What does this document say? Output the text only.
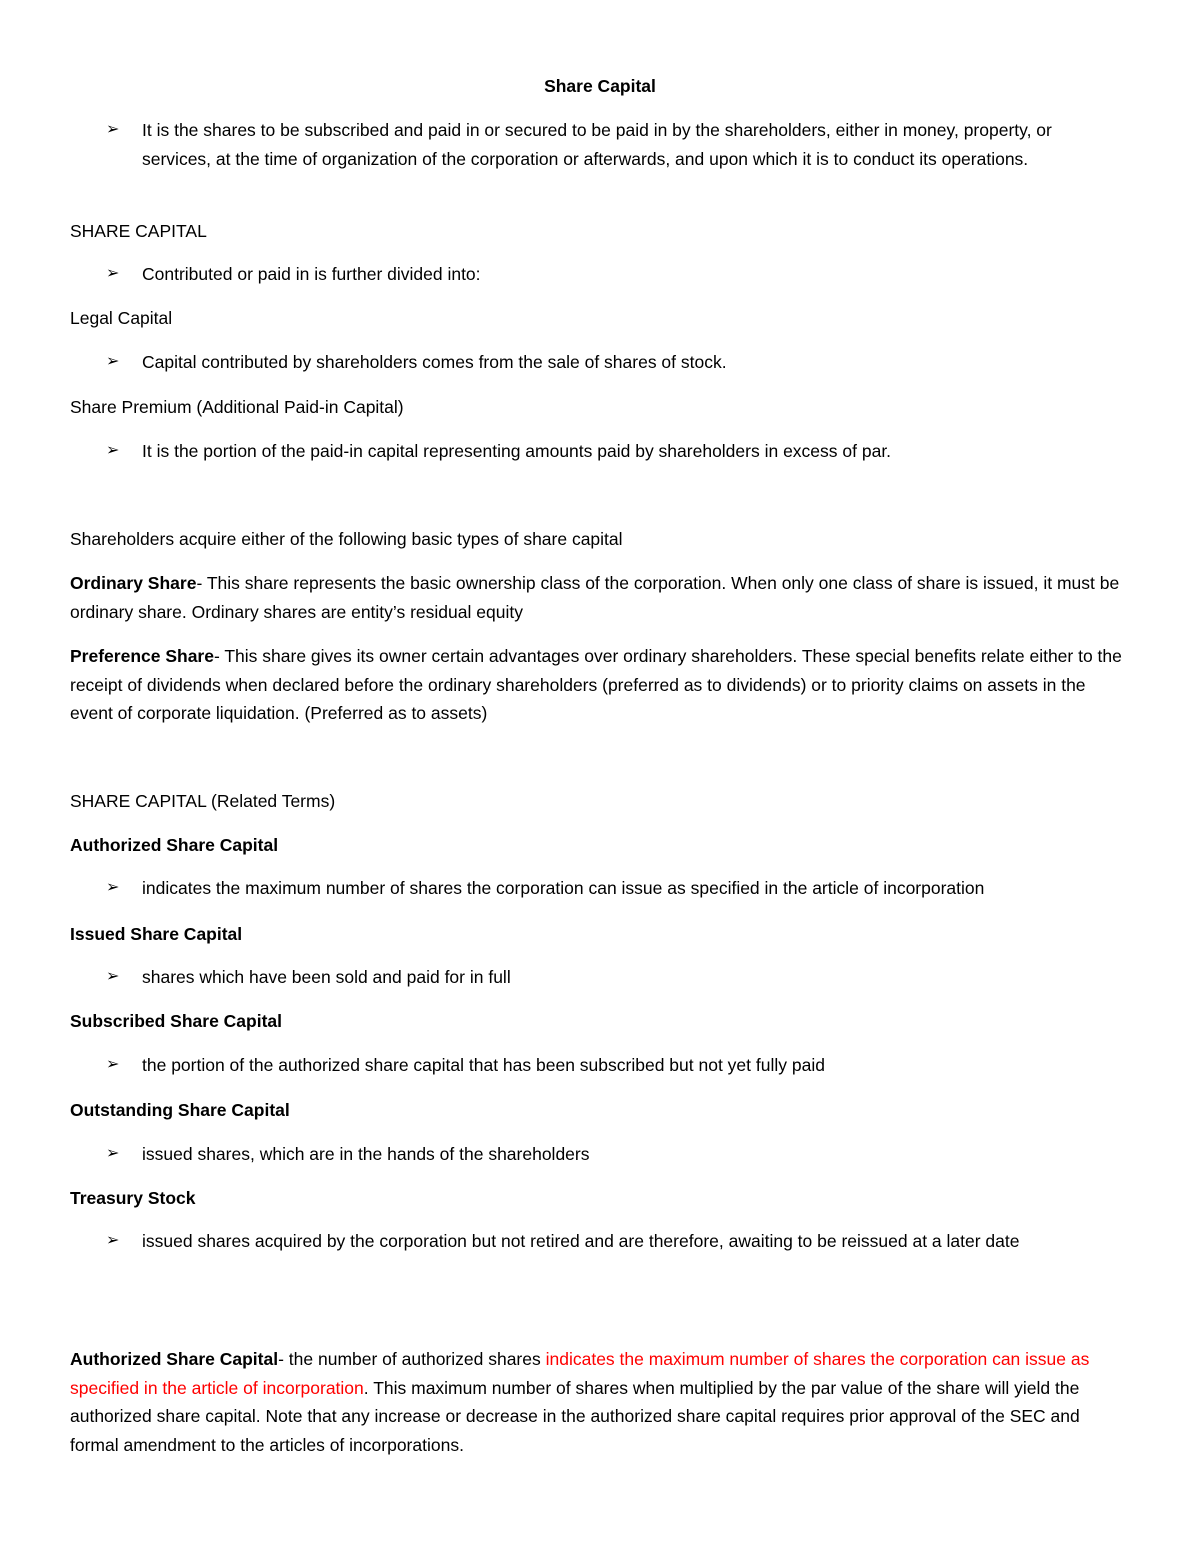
Share Capital
➢ It is the shares to be subscribed and paid in or secured to be paid in by the shareholders, either in money, property, or services, at the time of organization of the corporation or afterwards, and upon which it is to conduct its operations.
SHARE CAPITAL
➢ Contributed or paid in is further divided into:
Legal Capital
➢ Capital contributed by shareholders comes from the sale of shares of stock.
Share Premium (Additional Paid-in Capital)
➢ It is the portion of the paid-in capital representing amounts paid by shareholders in excess of par.
Shareholders acquire either of the following basic types of share capital
Ordinary Share- This share represents the basic ownership class of the corporation. When only one class of share is issued, it must be ordinary share. Ordinary shares are entity’s residual equity
Preference Share- This share gives its owner certain advantages over ordinary shareholders. These special benefits relate either to the receipt of dividends when declared before the ordinary shareholders (preferred as to dividends) or to priority claims on assets in the event of corporate liquidation. (Preferred as to assets)
SHARE CAPITAL (Related Terms)
Authorized Share Capital
➢ indicates the maximum number of shares the corporation can issue as specified in the article of incorporation
Issued Share Capital
➢ shares which have been sold and paid for in full
Subscribed Share Capital
➢ the portion of the authorized share capital that has been subscribed but not yet fully paid
Outstanding Share Capital
➢ issued shares, which are in the hands of the shareholders
Treasury Stock
➢ issued shares acquired by the corporation but not retired and are therefore, awaiting to be reissued at a later date
Authorized Share Capital- the number of authorized shares indicates the maximum number of shares the corporation can issue as specified in the article of incorporation. This maximum number of shares when multiplied by the par value of the share will yield the authorized share capital. Note that any increase or decrease in the authorized share capital requires prior approval of the SEC and formal amendment to the articles of incorporations.
